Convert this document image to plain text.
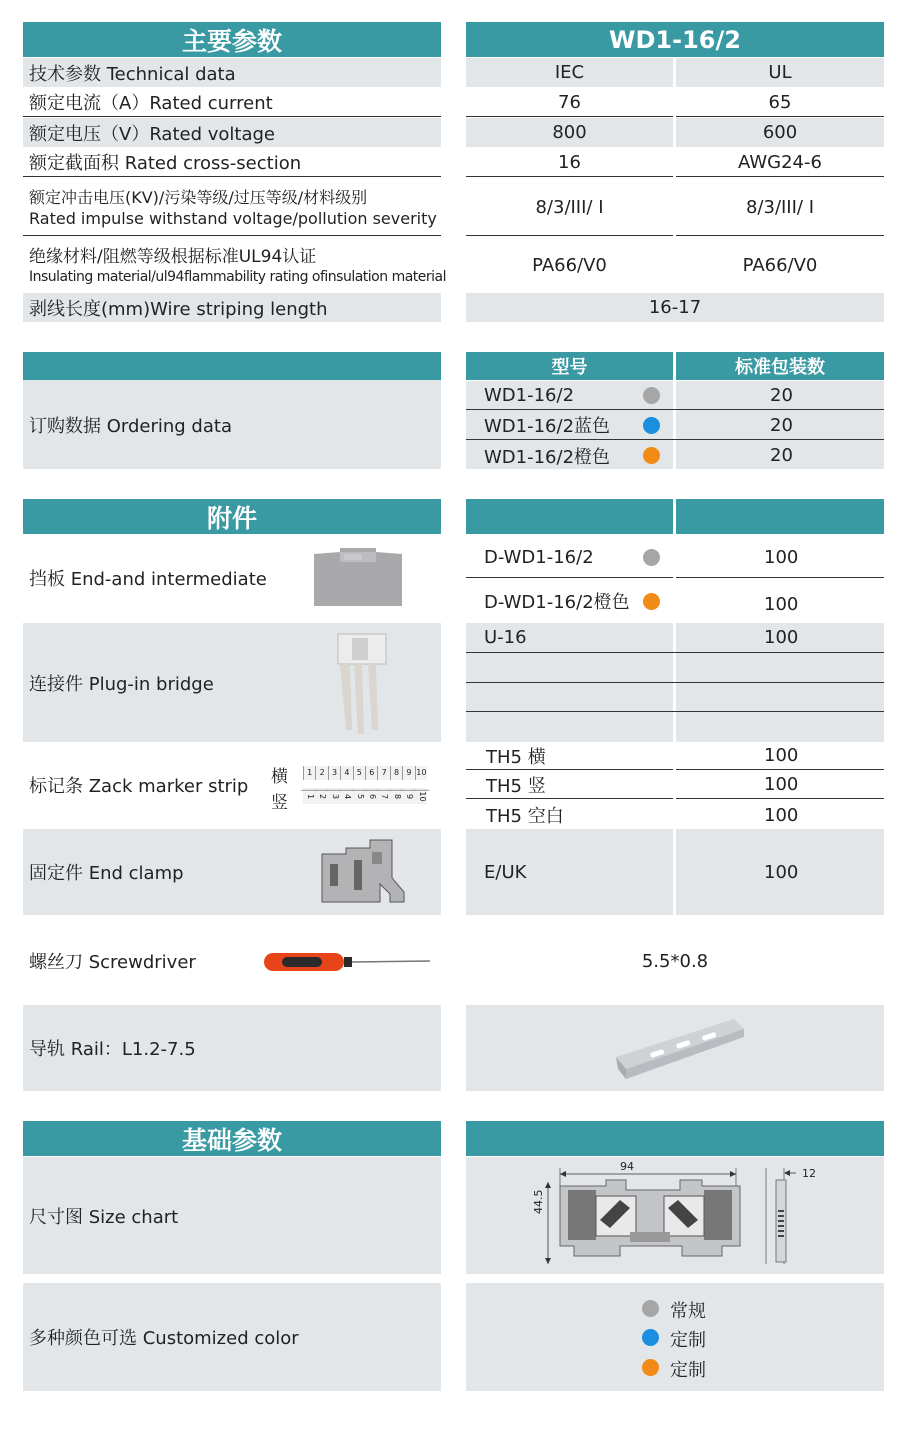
主要参数	WD1-16/2
技术参数 Technical data	IEC	UL
额定电流（A）Rated current	76	65
额定电压（V）Rated voltage	800	600
额定截面积 Rated cross-section	16	AWG24-6
额定冲击电压(KV)/污染等级/过压等级/材料级别
Rated impulse withstand voltage/pollution severity
8/3/III/ I	8/3/III/ I
绝缘材料/阻燃等级根据标准UL94认证
Insulating material/ul94flammability rating ofinsulation material
PA66/V0	PA66/V0
剥线长度(mm)Wire striping length	16-17
订购数据 Ordering data
型号	标准包装数
WD1-16/2	20
WD1-16/2蓝色	20
WD1-16/2橙色	20
附件
挡板 End-and intermediate
D-WD1-16/2	100
D-WD1-16/2橙色	100
连接件 Plug-in bridge
U-16	100
标记条 Zack marker strip	横
竖
1 2 3 4 5 6 7 8 9 10
1 2 3 4 5 6 7 8 9 10
TH5 横	100
TH5 竖	100
TH5 空白	100
固定件 End clamp	E/UK	100
螺丝刀 Screwdriver	5.5*0.8
导轨 Rail：L1.2-7.5
基础参数
尺寸图 Size chart
94
44.5
12
多种颜色可选 Customized color
常规
定制
定制
